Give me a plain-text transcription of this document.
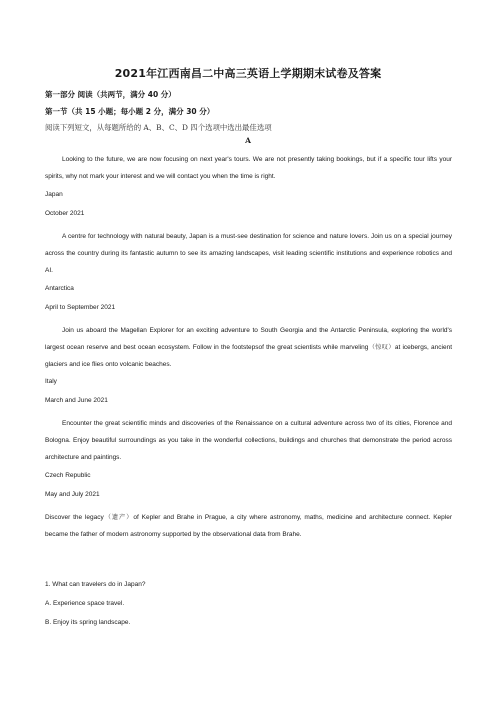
2021年江西南昌二中高三英语上学期期末试卷及答案
第一部分 阅读（共两节，满分 40 分）
第一节（共 15 小题；每小题 2 分，满分 30 分）
阅读下列短文，从每题所给的 A、B、C、D 四个选项中选出最佳选项
A
Looking to the future, we are now focusing on next year's tours. We are not presently taking bookings, but if a specific tour lifts your spirits, why not mark your interest and we will contact you when the time is right.
Japan
October 2021
A centre for technology with natural beauty, Japan is a must-see destination for science and nature lovers. Join us on a special journey across the country during its fantastic autumn to see its amazing landscapes, visit leading scientific institutions and experience robotics and AI.
Antarctica
April to September 2021
Join us aboard the Magellan Explorer for an exciting adventure to South Georgia and the Antarctic Peninsula, exploring the world's largest ocean reserve and best ocean ecosystem. Follow in the footstepsof the great scientists while marveling（惊叹）at icebergs, ancient glaciers and ice flies onto volcanic beaches.
Italy
March and June 2021
Encounter the great scientific minds and discoveries of the Renaissance on a cultural adventure across two of its cities, Florence and Bologna. Enjoy beautiful surroundings as you take in the wonderful collections, buildings and churches that demonstrate the period across architecture and paintings.
Czech Republic
May and July 2021
Discover the legacy（遗产）of Kepler and Brahe in Prague, a city where astronomy, maths, medicine and architecture connect. Kepler became the father of modern astronomy supported by the observational data from Brahe.
1. What can travelers do in Japan?
A. Experience space travel.
B. Enjoy its spring landscape.
